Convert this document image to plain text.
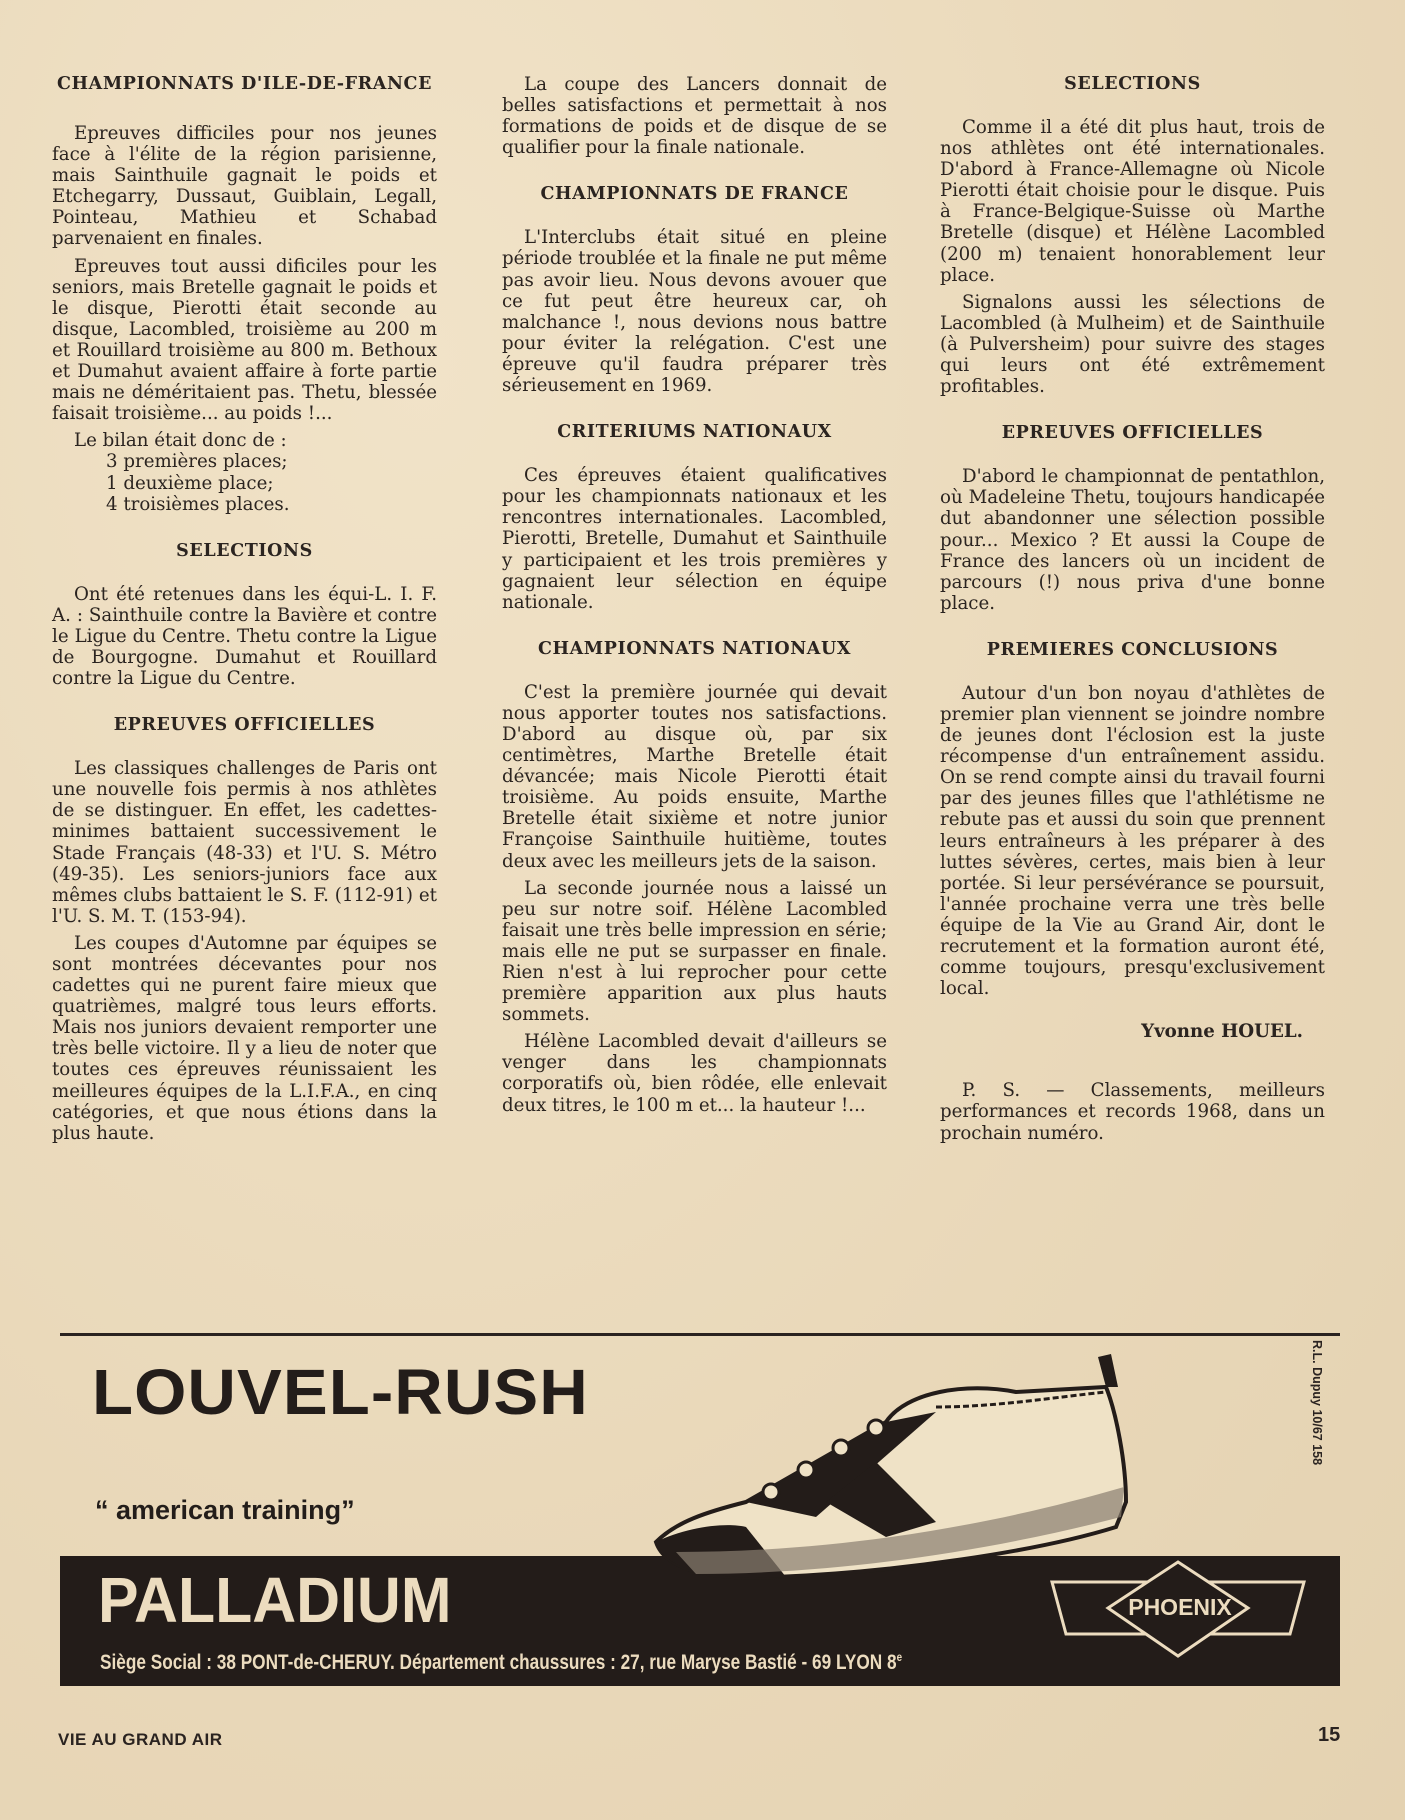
CHAMPIONNATS D'ILE-DE-FRANCE

Epreuves difficiles pour nos jeunes face à l'élite de la région parisienne, mais Sainthuile gagnait le poids et Etchegarry, Dussaut, Guiblain, Legall, Pointeau, Mathieu et Schabad parvenaient en finales.

Epreuves tout aussi dificiles pour les seniors, mais Bretelle gagnait le poids et le disque, Pierotti était seconde au disque, Lacombled, troisième au 200 m et Rouillard troisième au 800 m. Bethoux et Dumahut avaient affaire à forte partie mais ne déméritaient pas. Thetu, blessée faisait troisième... au poids !...

Le bilan était donc de :

3 premières places;
1 deuxième place;
4 troisièmes places.
SELECTIONS

Ont été retenues dans les équi-L. I. F. A. : Sainthuile contre la Bavière et contre le Ligue du Centre. Thetu contre la Ligue de Bourgogne. Dumahut et Rouillard contre la Ligue du Centre.

EPREUVES OFFICIELLES

Les classiques challenges de Paris ont une nouvelle fois permis à nos athlètes de se distinguer. En effet, les cadettes-minimes battaient successivement le Stade Français (48-33) et l'U. S. Métro (49-35). Les seniors-juniors face aux mêmes clubs battaient le S. F. (112-91) et l'U. S. M. T. (153-94).

Les coupes d'Automne par équipes se sont montrées décevantes pour nos cadettes qui ne purent faire mieux que quatrièmes, malgré tous leurs efforts. Mais nos juniors devaient remporter une très belle victoire. Il y a lieu de noter que toutes ces épreuves réunissaient les meilleures équipes de la L.I.F.A., en cinq catégories, et que nous étions dans la plus haute.

La coupe des Lancers donnait de belles satisfactions et permettait à nos formations de poids et de disque de se qualifier pour la finale nationale.

CHAMPIONNATS DE FRANCE

L'Interclubs était situé en pleine période troublée et la finale ne put même pas avoir lieu. Nous devons avouer que ce fut peut être heureux car, oh malchance !, nous devions nous battre pour éviter la relégation. C'est une épreuve qu'il faudra préparer très sérieusement en 1969.

CRITERIUMS NATIONAUX

Ces épreuves étaient qualificatives pour les championnats nationaux et les rencontres internationales. Lacombled, Pierotti, Bretelle, Dumahut et Sainthuile y participaient et les trois premières y gagnaient leur sélection en équipe nationale.

CHAMPIONNATS NATIONAUX

C'est la première journée qui devait nous apporter toutes nos satisfactions. D'abord au disque où, par six centimètres, Marthe Bretelle était dévancée; mais Nicole Pierotti était troisième. Au poids ensuite, Marthe Bretelle était sixième et notre junior Françoise Sainthuile huitième, toutes deux avec les meilleurs jets de la saison.

La seconde journée nous a laissé un peu sur notre soif. Hélène Lacombled faisait une très belle impression en série; mais elle ne put se surpasser en finale. Rien n'est à lui reprocher pour cette première apparition aux plus hauts sommets.

Hélène Lacombled devait d'ailleurs se venger dans les championnats corporatifs où, bien rôdée, elle enlevait deux titres, le 100 m et... la hauteur !...

SELECTIONS

Comme il a été dit plus haut, trois de nos athlètes ont été internationales. D'abord à France-Allemagne où Nicole Pierotti était choisie pour le disque. Puis à France-Belgique-Suisse où Marthe Bretelle (disque) et Hélène Lacombled (200 m) tenaient honorablement leur place.

Signalons aussi les sélections de Lacombled (à Mulheim) et de Sainthuile (à Pulversheim) pour suivre des stages qui leurs ont été extrêmement profitables.

EPREUVES OFFICIELLES

D'abord le championnat de pentathlon, où Madeleine Thetu, toujours handicapée dut abandonner une sélection possible pour... Mexico ? Et aussi la Coupe de France des lancers où un incident de parcours (!) nous priva d'une bonne place.

PREMIERES CONCLUSIONS

Autour d'un bon noyau d'athlètes de premier plan viennent se joindre nombre de jeunes dont l'éclosion est la juste récompense d'un entraînement assidu. On se rend compte ainsi du travail fourni par des jeunes filles que l'athlétisme ne rebute pas et aussi du soin que prennent leurs entraîneurs à les préparer à des luttes sévères, certes, mais bien à leur portée. Si leur persévérance se poursuit, l'année prochaine verra une très belle équipe de la Vie au Grand Air, dont le recrutement et la formation auront été, comme toujours, presqu'exclusivement local.

Yvonne HOUEL.

P. S. — Classements, meilleurs performances et records 1968, dans un prochain numéro.

LOUVEL-RUSH
“ american training”
PALLADIUM
Siège Social : 38 PONT-de-CHERUY. Département chaussures : 27, rue Maryse Bastié - 69 LYON 8e
PHOENIX
R.L. Dupuy 10/67 158
VIE AU GRAND AIR	15
